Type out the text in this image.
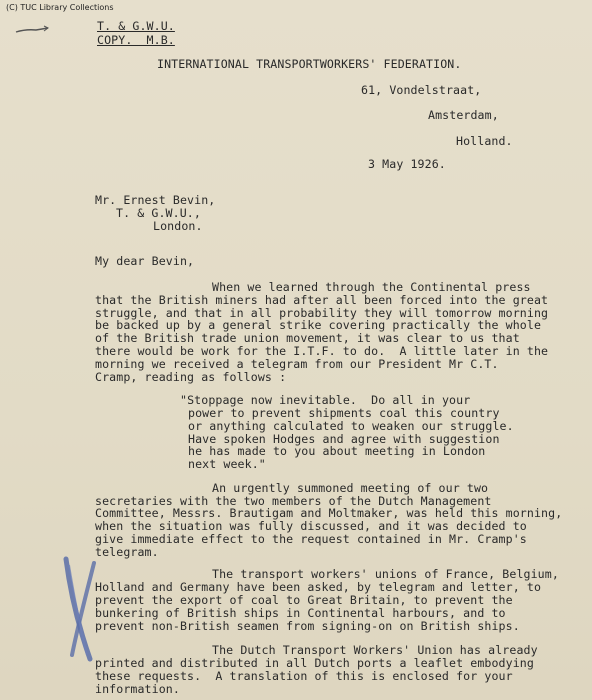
(C) TUC Library Collections
T. & G.W.U.
COPY.  M.B.
INTERNATIONAL TRANSPORTWORKERS' FEDERATION.
61, Vondelstraat,
Amsterdam,
Holland.
3 May 1926.
Mr. Ernest Bevin,
T. & G.W.U.,
London.
My dear Bevin,
When we learned through the Continental press
that the British miners had after all been forced into the great
struggle, and that in all probability they will tomorrow morning
be backed up by a general strike covering practically the whole
of the British trade union movement, it was clear to us that
there would be work for the I.T.F. to do.  A little later in the
morning we received a telegram from our President Mr C.T.
Cramp, reading as follows :
"Stoppage now inevitable.  Do all in your
power to prevent shipments coal this country
or anything calculated to weaken our struggle.
Have spoken Hodges and agree with suggestion
he has made to you about meeting in London
next week."
An urgently summoned meeting of our two
secretaries with the two members of the Dutch Management
Committee, Messrs. Brautigam and Moltmaker, was held this morning,
when the situation was fully discussed, and it was decided to
give immediate effect to the request contained in Mr. Cramp's
telegram.
The transport workers' unions of France, Belgium,
Holland and Germany have been asked, by telegram and letter, to
prevent the export of coal to Great Britain, to prevent the
bunkering of British ships in Continental harbours, and to
prevent non-British seamen from signing-on on British ships.
The Dutch Transport Workers' Union has already
printed and distributed in all Dutch ports a leaflet embodying
these requests.  A translation of this is enclosed for your
information.
